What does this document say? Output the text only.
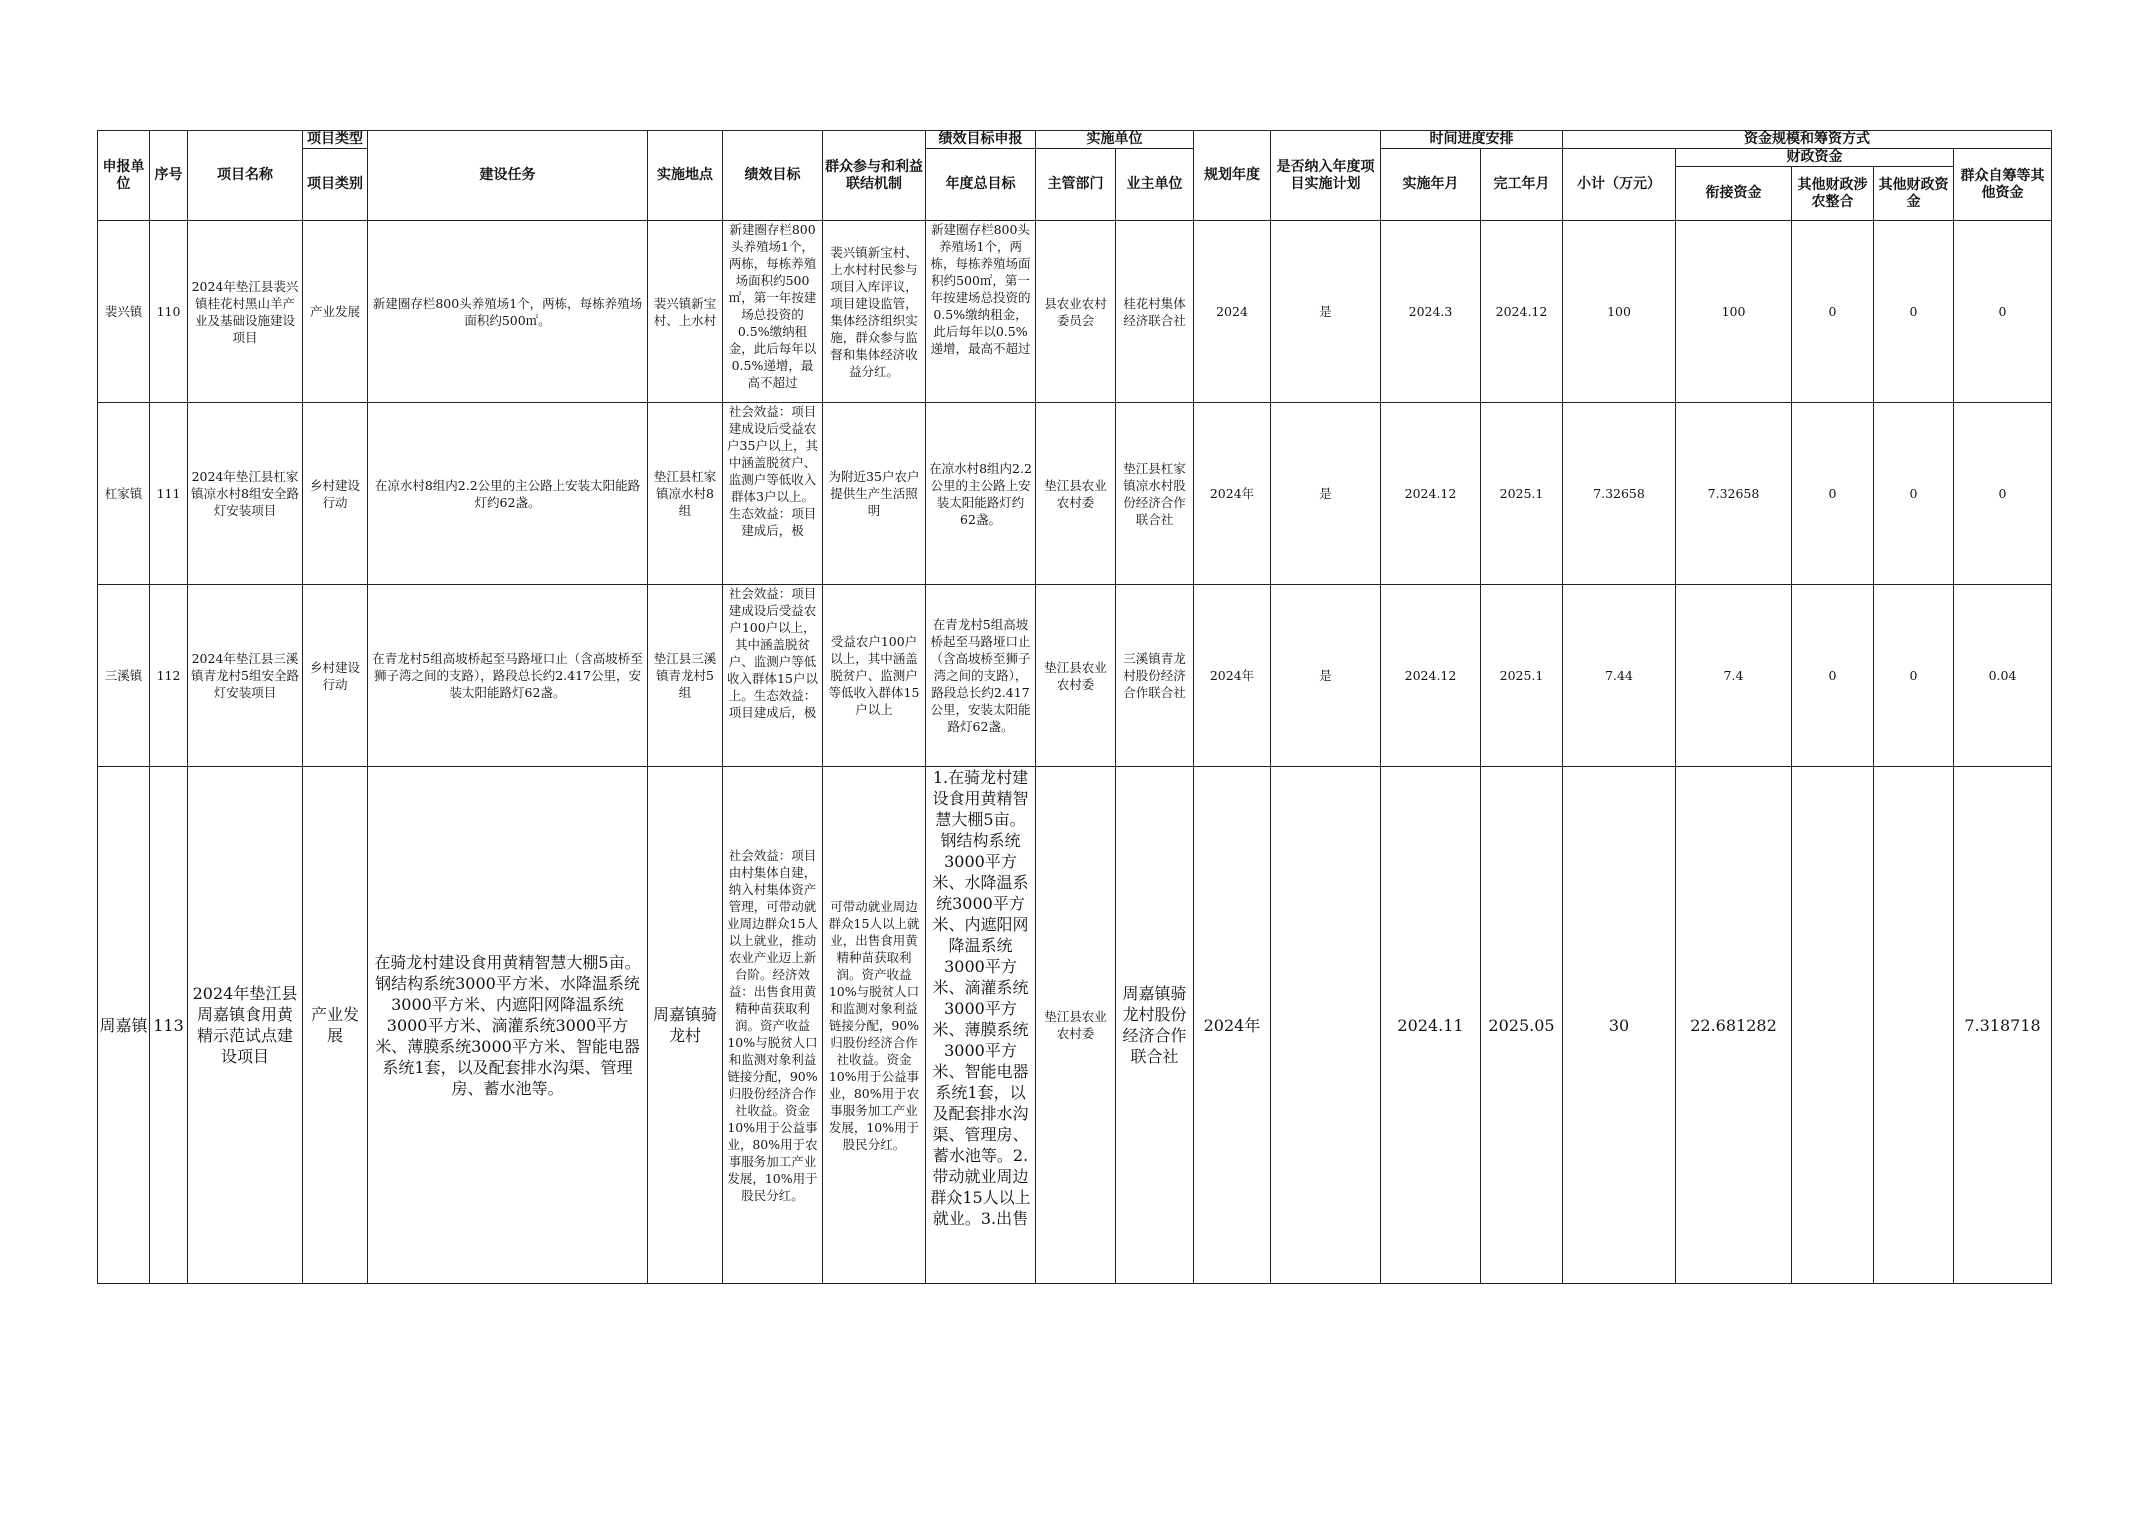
申报单位	序号	项目名称	项目类型	建设任务	实施地点	绩效目标	群众参与和利益联结机制	绩效目标申报	实施单位		规划年度	是否纳入年度项目实施计划	时间进度安排		资金规模和筹资方式				
			项目类别					年度总目标	主管部门	业主单位			实施年月	完工年月	小计（万元）	财政资金			群众自筹等其他资金
																衔接资金	其他财政涉农整合	其他财政资金	
裴兴镇	110	2024年垫江县裴兴镇桂花村黑山羊产业及基础设施建设项目	产业发展	新建圈存栏800头养殖场1个，两栋，每栋养殖场面积约500㎡。	裴兴镇新宝村、上水村	新建圈存栏800头养殖场1个，两栋，每栋养殖场面积约500㎡，第一年按建场总投资的0.5%缴纳租金，此后每年以0.5%递增，最高不超过	裴兴镇新宝村、上水村村民参与项目入库评议，项目建设监管，集体经济组织实施，群众参与监督和集体经济收益分红。	新建圈存栏800头养殖场1个，两栋，每栋养殖场面积约500㎡，第一年按建场总投资的0.5%缴纳租金，此后每年以0.5%递增，最高不超过	县农业农村委员会	桂花村集体经济联合社	2024	是	2024.3	2024.12	100	100	0	0	0
杠家镇	111	2024年垫江县杠家镇凉水村8组安全路灯安装项目	乡村建设行动	在凉水村8组内2.2公里的主公路上安装太阳能路灯约62盏。	垫江县杠家镇凉水村8组	社会效益：项目建成设后受益农户35户以上，其中涵盖脱贫户、监测户等低收入群体3户以上。生态效益：项目建成后，极	为附近35户农户提供生产生活照明	在凉水村8组内2.2公里的主公路上安装太阳能路灯约62盏。	垫江县农业农村委	垫江县杠家镇凉水村股份经济合作联合社	2024年	是	2024.12	2025.1	7.32658	7.32658	0	0	0
三溪镇	112	2024年垫江县三溪镇青龙村5组安全路灯安装项目	乡村建设行动	在青龙村5组高坡桥起至马路垭口止（含高坡桥至狮子湾之间的支路），路段总长约2.417公里，安装太阳能路灯62盏。	垫江县三溪镇青龙村5组	社会效益：项目建成设后受益农户100户以上，其中涵盖脱贫户、监测户等低收入群体15户以上。生态效益：项目建成后，极	受益农户100户以上，其中涵盖脱贫户、监测户等低收入群体15户以上	在青龙村5组高坡桥起至马路垭口止（含高坡桥至狮子湾之间的支路），路段总长约2.417公里，安装太阳能路灯62盏。	垫江县农业农村委	三溪镇青龙村股份经济合作联合社	2024年	是	2024.12	2025.1	7.44	7.4	0	0	0.04
周嘉镇	113	2024年垫江县周嘉镇食用黄精示范试点建设项目	产业发展	在骑龙村建设食用黄精智慧大棚5亩。钢结构系统3000平方米、水降温系统3000平方米、内遮阳网降温系统3000平方米、滴灌系统3000平方米、薄膜系统3000平方米、智能电器系统1套，以及配套排水沟渠、管理房、蓄水池等。	周嘉镇骑龙村	社会效益：项目由村集体自建，纳入村集体资产管理，可带动就业周边群众15人以上就业，推动农业产业迈上新台阶。经济效益：出售食用黄精种苗获取利润。资产收益10%与脱贫人口和监测对象利益链接分配，90%归股份经济合作社收益。资金10%用于公益事业，80%用于农事服务加工产业发展，10%用于股民分红。	可带动就业周边群众15人以上就业，出售食用黄精种苗获取利润。资产收益10%与脱贫人口和监测对象利益链接分配，90%归股份经济合作社收益。资金10%用于公益事业，80%用于农事服务加工产业发展，10%用于股民分红。	1.在骑龙村建设食用黄精智慧大棚5亩。钢结构系统3000平方米、水降温系统3000平方米、内遮阳网降温系统3000平方米、滴灌系统3000平方米、薄膜系统3000平方米、智能电器系统1套，以及配套排水沟渠、管理房、蓄水池等。2.带动就业周边群众15人以上就业。3.出售	垫江县农业农村委	周嘉镇骑龙村股份经济合作联合社	2024年		2024.11	2025.05	30	22.681282			7.318718
